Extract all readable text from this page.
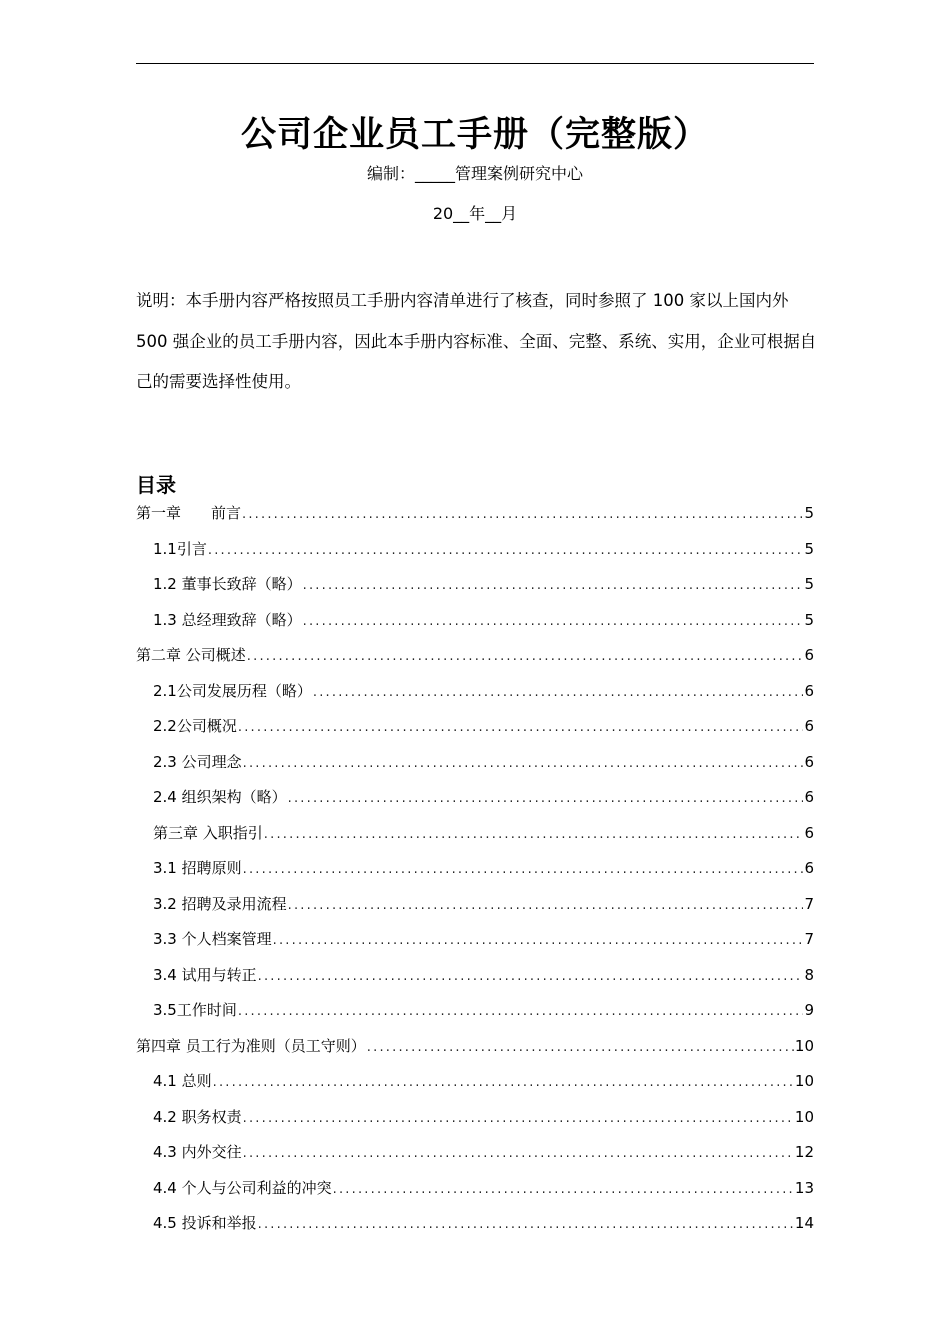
公司企业员工手册（完整版）
编制：_____管理案例研究中心
20__年__月

说明：本手册内容严格按照员工手册内容清单进行了核查，同时参照了 100 家以上国内外 500 强企业的员工手册内容，因此本手册内容标准、全面、完整、系统、实用，企业可根据自己的需要选择性使用。

目录
第一章　　前言 .....	5
1.1引言 .....	5
1.2 董事长致辞（略） .....	5
1.3 总经理致辞（略） .....	5
第二章 公司概述 .....	6
2.1公司发展历程（略） .....	6
2.2公司概况 .....	6
2.3 公司理念 .....	6
2.4 组织架构（略） .....	6
第三章 入职指引 .....	6
3.1 招聘原则 .....	6
3.2 招聘及录用流程 .....	7
3.3 个人档案管理 .....	7
3.4 试用与转正 .....	8
3.5工作时间 .....	9
第四章 员工行为准则（员工守则） .....	10
4.1 总则 .....	10
4.2 职务权责 .....	10
4.3 内外交往 .....	12
4.4 个人与公司利益的冲突 .....	13
4.5 投诉和举报 .....	14
